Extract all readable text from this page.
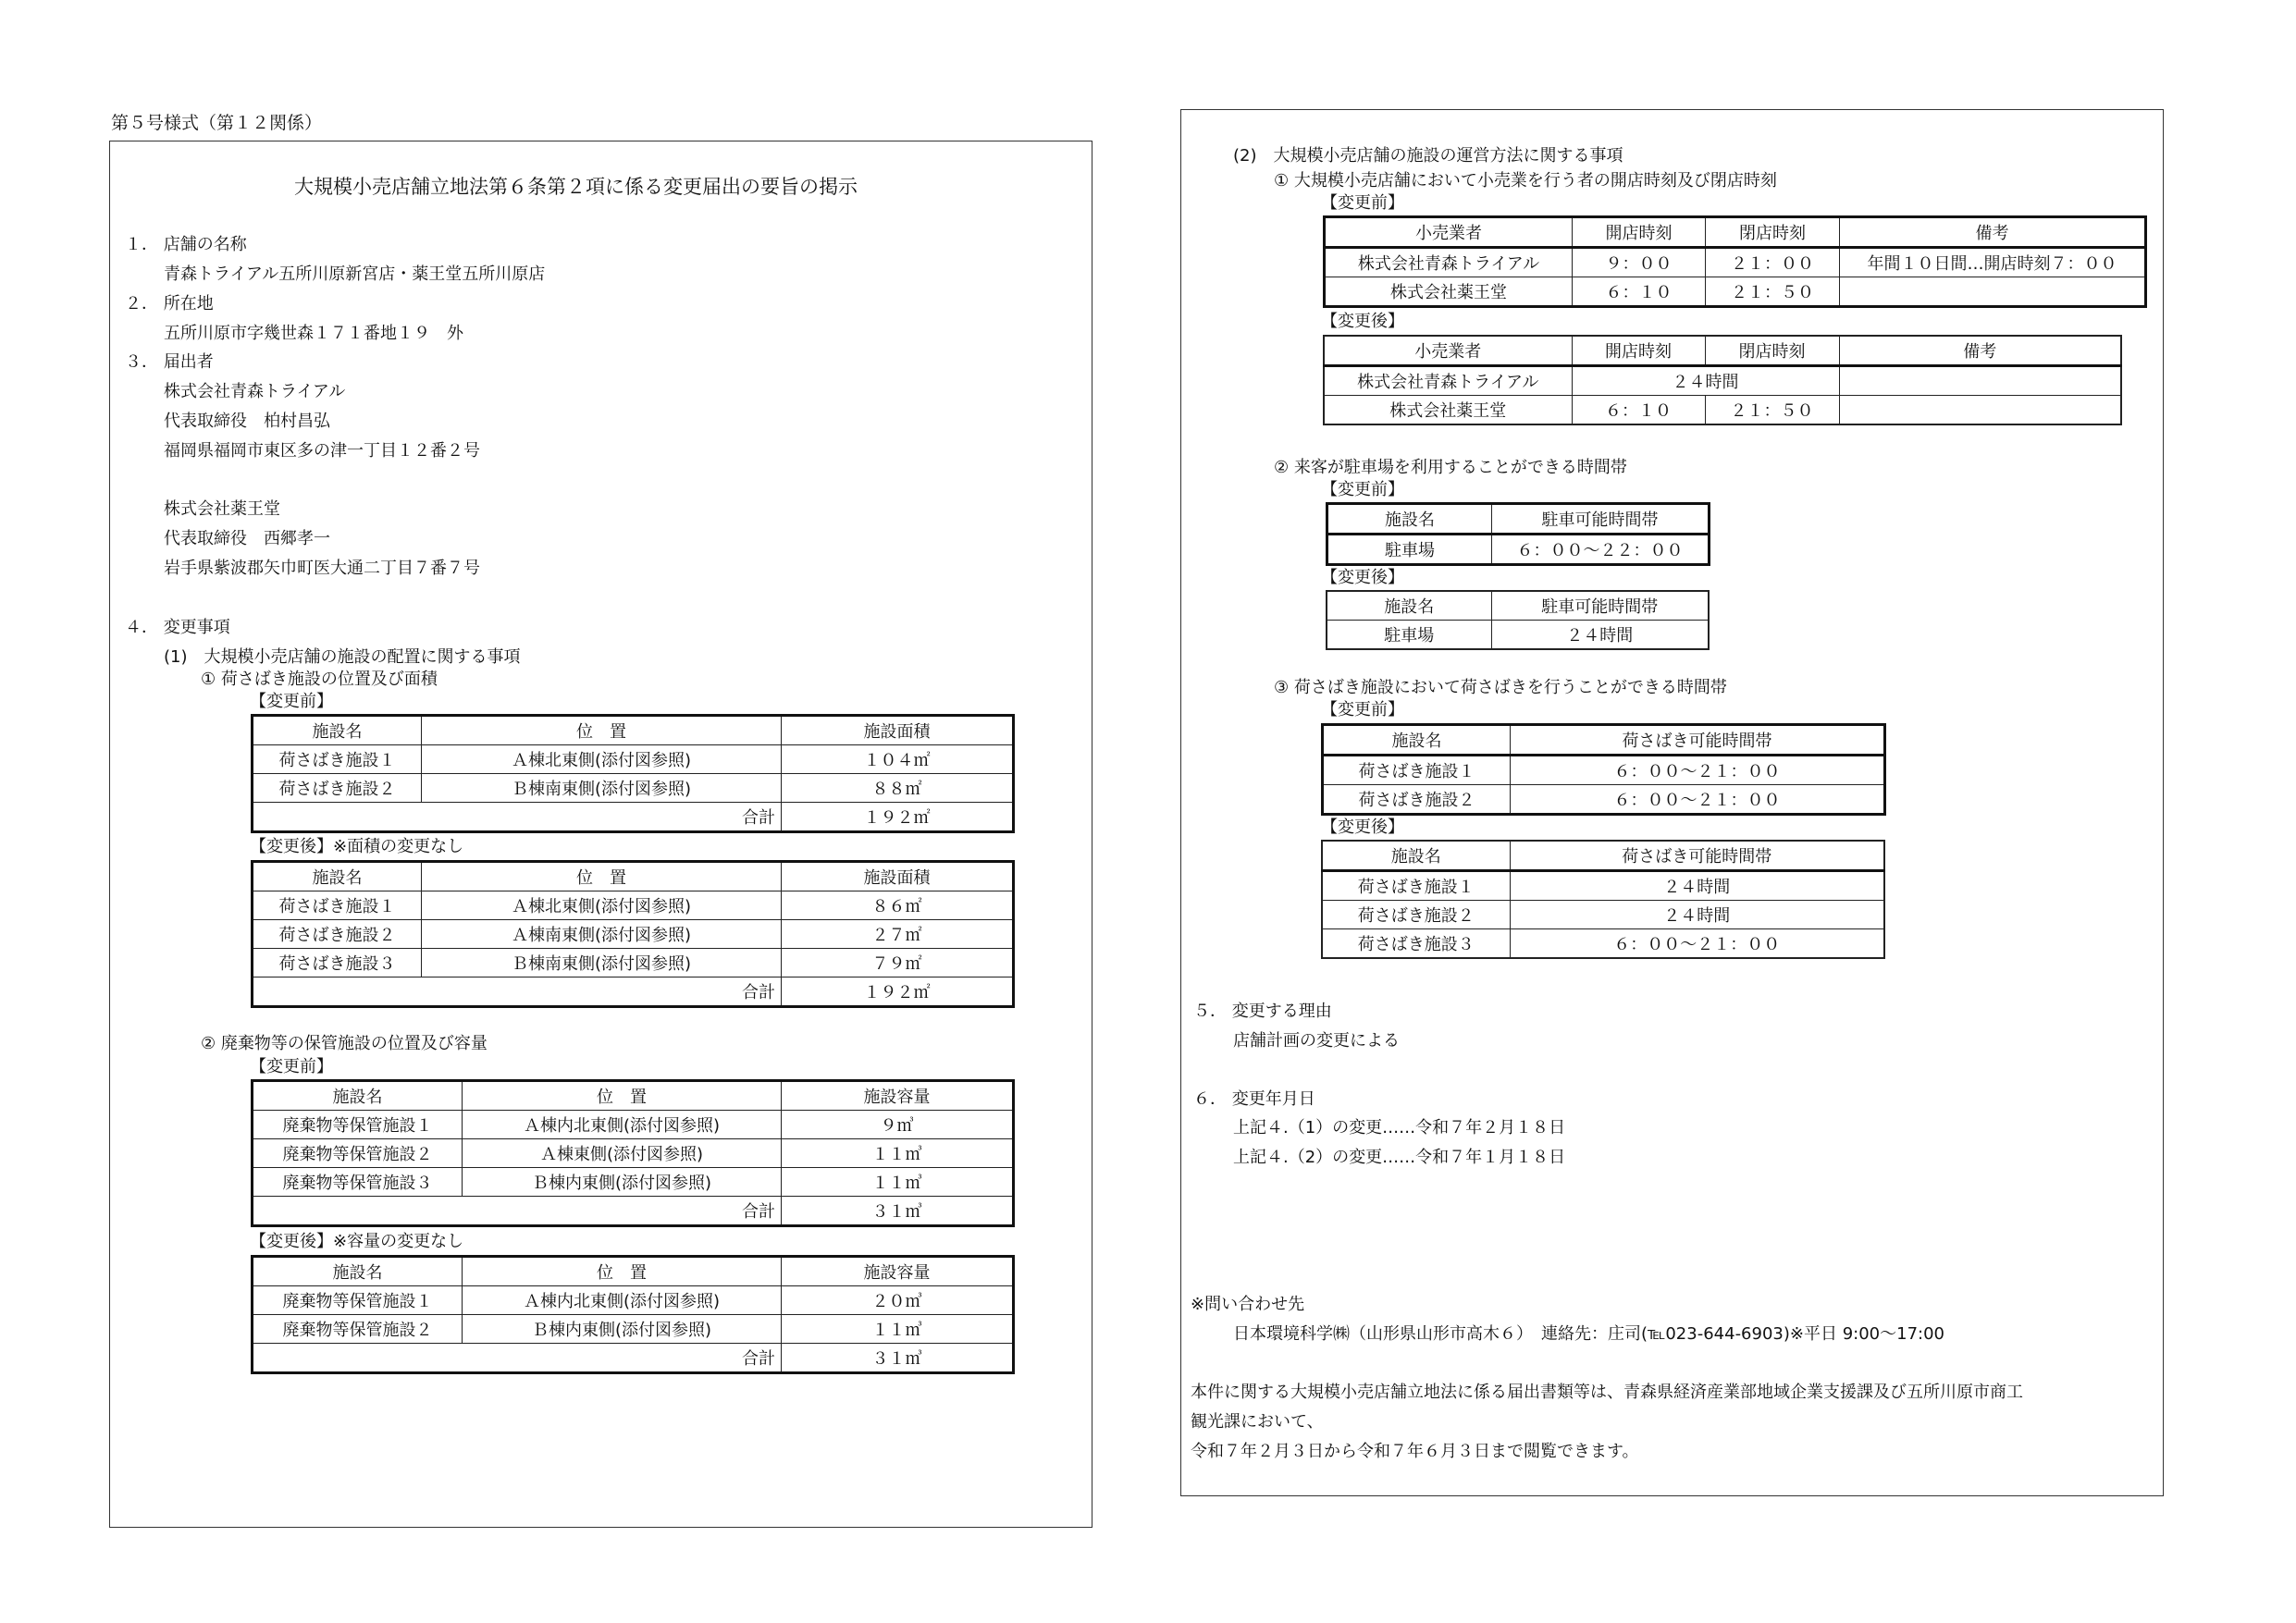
第５号様式（第１２関係）
大規模小売店舗立地法第６条第２項に係る変更届出の要旨の掲示
１． 店舗の名称
青森トライアル五所川原新宮店・薬王堂五所川原店
２． 所在地
五所川原市字幾世森１７１番地１９　外
３． 届出者
株式会社青森トライアル
代表取締役　柏村昌弘
福岡県福岡市東区多の津一丁目１２番２号
株式会社薬王堂
代表取締役　西郷孝一
岩手県紫波郡矢巾町医大通二丁目７番７号
４． 変更事項
(1)　大規模小売店舗の施設の配置に関する事項
① 荷さばき施設の位置及び面積
【変更前】
施設名	位　置	施設面積
荷さばき施設１	Ａ棟北東側(添付図参照)	１０４㎡
荷さばき施設２	Ｂ棟南東側(添付図参照)	８８㎡
	合計	１９２㎡
【変更後】※面積の変更なし
施設名	位　置	施設面積
荷さばき施設１	Ａ棟北東側(添付図参照)	８６㎡
荷さばき施設２	Ａ棟南東側(添付図参照)	２７㎡
荷さばき施設３	Ｂ棟南東側(添付図参照)	７９㎡
	合計	１９２㎡
② 廃棄物等の保管施設の位置及び容量
【変更前】
施設名	位　置	施設容量
廃棄物等保管施設１	Ａ棟内北東側(添付図参照)	９㎥
廃棄物等保管施設２	Ａ棟東側(添付図参照)	１１㎥
廃棄物等保管施設３	Ｂ棟内東側(添付図参照)	１１㎥
	合計	３１㎥
【変更後】※容量の変更なし
施設名	位　置	施設容量
廃棄物等保管施設１	Ａ棟内北東側(添付図参照)	２０㎥
廃棄物等保管施設２	Ｂ棟内東側(添付図参照)	１１㎥
	合計	３１㎥
(2)　大規模小売店舗の施設の運営方法に関する事項
① 大規模小売店舗において小売業を行う者の開店時刻及び閉店時刻
【変更前】
小売業者	開店時刻	閉店時刻	備考
株式会社青森トライアル	９：００	２１：００	年間１０日間…開店時刻７：００
株式会社薬王堂	６：１０	２１：５０	
【変更後】
小売業者	開店時刻	閉店時刻	備考
株式会社青森トライアル	２４時間		
株式会社薬王堂	６：１０	２１：５０	
② 来客が駐車場を利用することができる時間帯
【変更前】
施設名	駐車可能時間帯
駐車場	６：００～２２：００
【変更後】
施設名	駐車可能時間帯
駐車場	２４時間
③ 荷さばき施設において荷さばきを行うことができる時間帯
【変更前】
施設名	荷さばき可能時間帯
荷さばき施設１	６：００～２１：００
荷さばき施設２	６：００～２１：００
【変更後】
施設名	荷さばき可能時間帯
荷さばき施設１	２４時間
荷さばき施設２	２４時間
荷さばき施設３	６：００～２１：００
５． 変更する理由
店舗計画の変更による
６． 変更年月日
上記４.（1）の変更……令和７年２月１８日
上記４.（2）の変更……令和７年１月１８日
※問い合わせ先
日本環境科学㈱（山形県山形市高木６）　連絡先：庄司(℡023-644-6903)※平日 9:00～17:00
本件に関する大規模小売店舗立地法に係る届出書類等は、青森県経済産業部地域企業支援課及び五所川原市商工
観光課において、
令和７年２月３日から令和７年６月３日まで閲覧できます。
